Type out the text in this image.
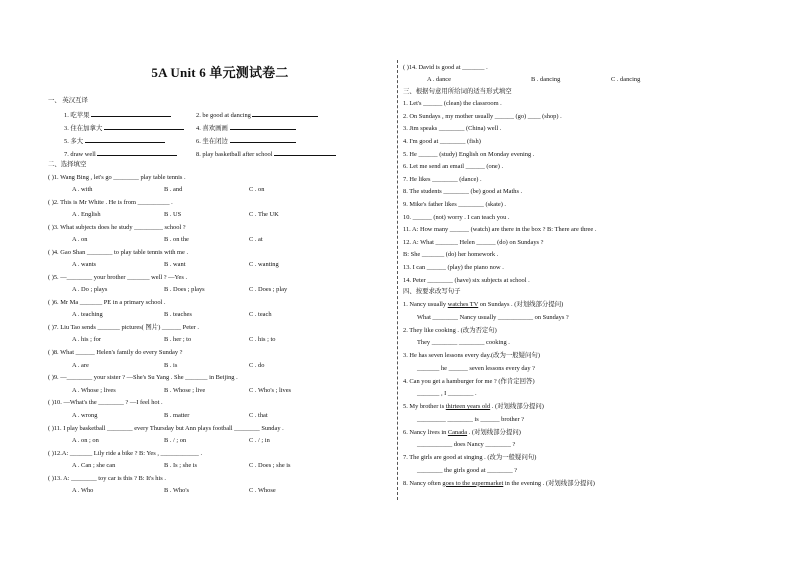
5A Unit 6 单元测试卷二
一、 英汉互译
1. 吃苹果	2. be good at dancing
3. 住在加拿大	4. 喜欢画画
5. 多大	6. 坐在闭边
7. draw well	8. play basketball after school
二、选择填空
( )1. Wang Bing , let's go ________ play table tennis .
A . with	B . and	C . on
( )2. This is Mr White . He is from __________ .
A . English	B . US	C . The UK
( )3. What subjects does he study _________ school ?
A . on	B . on the	C . at
( )4. Gao Shan ________ to play table tennis with me .
A . wants	B . want	C . wanting
( )5. —________ your brother _______ well ? —Yes .
A . Do ; plays	B . Does ; plays	C . Does ; play
( )6. Mr Ma _______ PE in a primary school .
A . teaching	B . teaches	C . teach
( )7. Liu Tao sends _______ pictures( 图片) ______ Peter .
A . his ; for	B . her ; to	C . his ; to
( )8. What ______ Helen's family do every Sunday ?
A . are	B . is	C . do
( )9. —________ your sister ? —She's Su Yang . She _______ in Beijing .
A . Whose ; lives	B . Whose ; live	C . Who's ; lives
( )10. —What's the ________ ? —I feel hot .
A . wrong	B . matter	C . that
( )11. I play basketball ________ every Thursday but Ann plays football ________ Sunday .
A . on ; on	B . / ; on	C . / ; in
( )12.A: _______ Lily ride a bike ? B: Yes , ____________ .
A . Can ; she can	B . Is ; she is	C . Does ; she is
( )13. A: ________ toy car is this ? B: It's his .
A . Who	B . Who's	C . Whose
( )14. David is good at _______ .
A . dance	B . dancing	C . dancing
三、根据句意用所给词的适当形式填空
1. Let's ______ (clean) the classroom .
2. On Sundays , my mother usually ______ (go) ____ (shop) .
3. Jim speaks ________ (China) well .
4. I'm good at ________ (fish)
5. He ______ (study) English on Monday evening .
6. Let me send an email ______ (one) .
7. He likes ________ (dance) .
8. The students ________ (be) good at Maths .
9. Mike's father likes ________ (skate) .
10. ______ (not) worry . I can teach you .
11. A: How many ______ (watch) are there in the box ? B: There are three .
12. A: What _______ Helen ______ (do) on Sundays ?
B: She _______ (do) her homework .
13. I can ______ (play) the piano now .
14. Peter ________ (have) six subjects at school .
四、按要求改写句子
1. Nancy usually watches TV on Sundays . (对划线部分提问)
What ________ Nancy usually ___________ on Sundays ?
2. They like cooking . (改为否定句)
They ________ ________ cooking .
3. He has seven lessons every day.(改为一般疑问句)
_______ he ______ seven lessons every day ?
4. Can you get a hamburger for me ? (作肯定回答)
_______ , I ________ .
5. My brother is thirteen years old . (对划线部分提问)
_________ ________ is ______ brother ?
6. Nancy lives in Canada . (对划线部分提问)
___________ does Nancy ________ ?
7. The girls are good at singing . (改为一般疑问句)
________ the girls good at ________ ?
8. Nancy often goes to the supermarket in the evening . (对划线部分提问)
